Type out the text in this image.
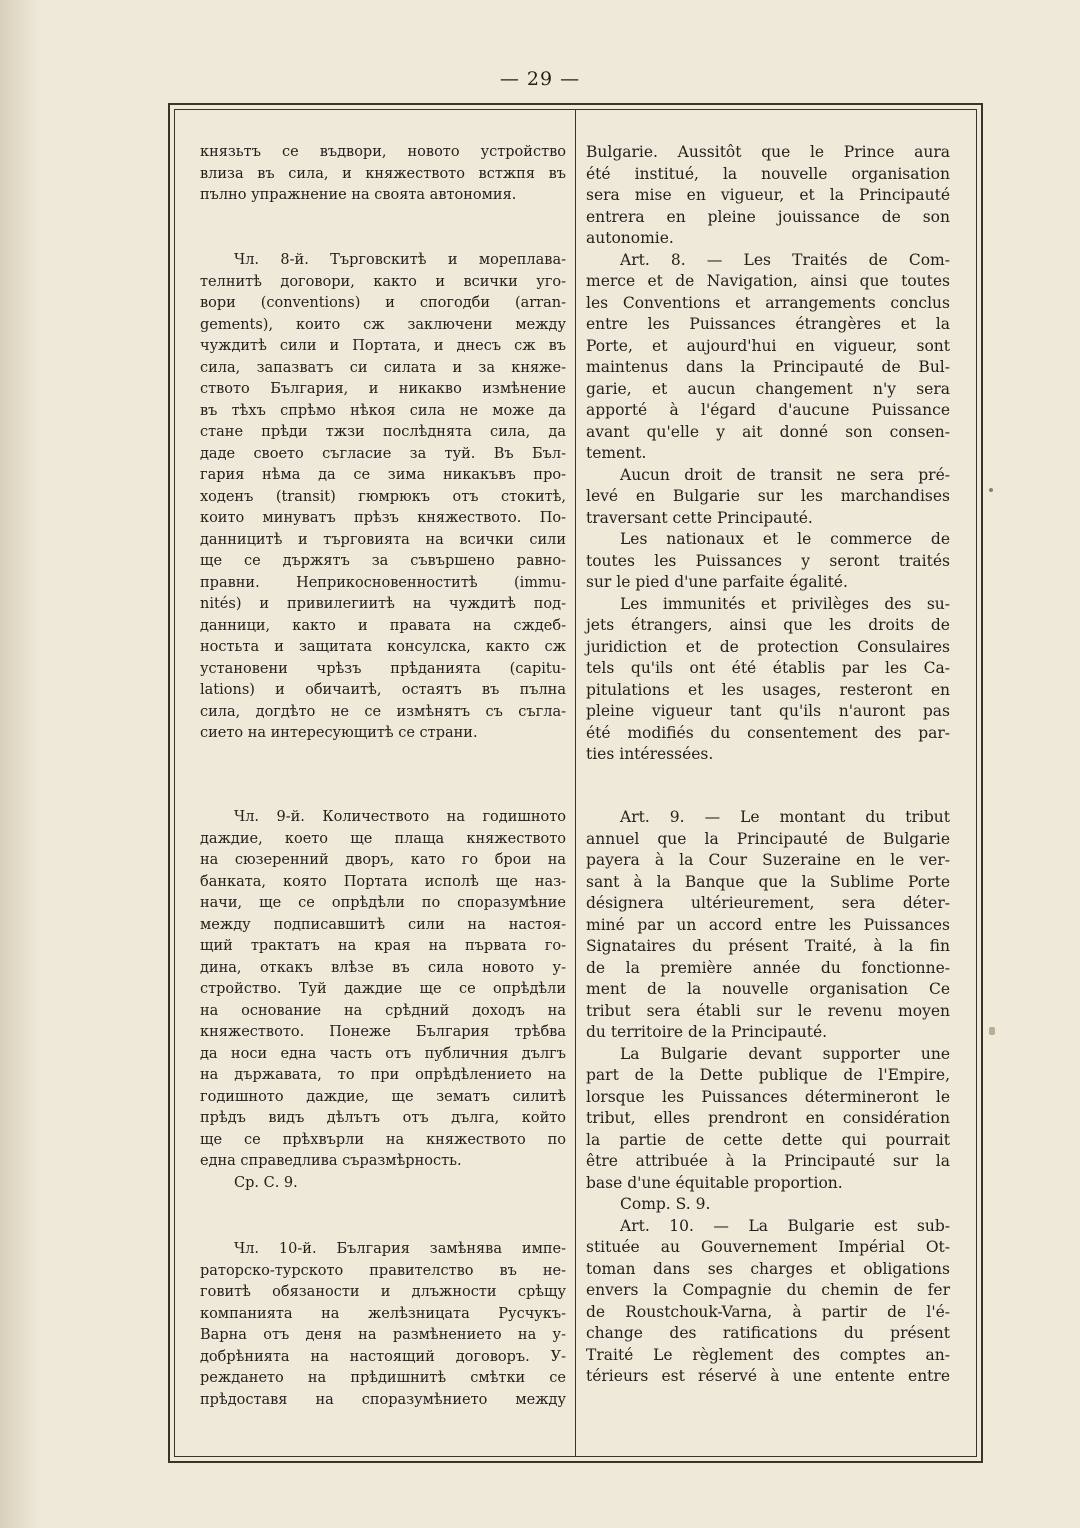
— 29 —
князьтъ се въдвори, новото устройство
влиза въ сила, и княжеството встжпя въ
пълно упражнение на своята автономия.
Чл. 8-й. Търговскитѣ и мореплава-
телнитѣ договори, както и всички уго-
вори (conventions) и спогодби (arran-
gements), които сж заключени между
чуждитѣ сили и Портата, и днесъ сж въ
сила, запазватъ си силата и за княже-
ството България, и никакво измѣнение
въ тѣхъ спрѣмо нѣкоя сила не може да
стане прѣди тжзи послѣднята сила, да
даде своето съгласие за туй. Въ Бъл-
гария нѣма да се зима никакъвъ про-
ходенъ (transit) гюмрюкъ отъ стокитѣ,
които минуватъ прѣзъ княжеството. По-
данницитѣ и търговията на всички сили
ще се държятъ за съвършено равно-
правни. Неприкосновенноститѣ (immu-
nités) и привилегиитѣ на чуждитѣ под-
данници, както и правата на сждеб-
ностьта и защитата консулска, както сж
установени чрѣзъ прѣданията (capitu-
lations) и обичаитѣ, остаятъ въ пълна
сила, догдѣто не се измѣнятъ съ съгла-
сието на интересующитѣ се страни.
Чл. 9-й. Количеството на годишното
даждие, което ще плаща княжеството
на сюзеренний дворъ, като го брои на
банката, която Портата исполѣ ще наз-
начи, ще се опрѣдѣли по споразумѣние
между подписавшитѣ сили на настоя-
щий трактатъ на края на първата го-
дина, откакъ влѣзе въ сила новото у-
стройство. Туй даждие ще се опрѣдѣли
на основание на срѣдний доходъ на
княжеството. Понеже България трѣбва
да носи една часть отъ публичния дългъ
на държавата, то при опрѣдѣлението на
годишното даждие, ще зематъ силитѣ
прѣдъ видъ дѣлътъ отъ дълга, който
ще се прѣхвърли на княжеството по
една справедлива съразмѣрность.
Ср. С. 9.
Чл. 10-й. България замѣнява импе-
раторско-турското правителство въ не-
говитѣ обязаности и длъжности срѣщу
компанията на желѣзницата Русчукъ-
Варна отъ деня на размѣнението на у-
добрѣнията на настоящий договоръ. У-
реждането на прѣдишнитѣ смѣтки се
прѣдоставя на споразумѣнието между
Bulgarie. Aussitôt que le Prince aura
été institué, la nouvelle organisation
sera mise en vigueur, et la Principauté
entrera en pleine jouissance de son
autonomie.
Art. 8. — Les Traités de Com-
merce et de Navigation, ainsi que toutes
les Conventions et arrangements conclus
entre les Puissances étrangères et la
Porte, et aujourd'hui en vigueur, sont
maintenus dans la Principauté de Bul-
garie, et aucun changement n'y sera
apporté à l'égard d'aucune Puissance
avant qu'elle y ait donné son consen-
tement.
Aucun droit de transit ne sera pré-
levé en Bulgarie sur les marchandises
traversant cette Principauté.
Les nationaux et le commerce de
toutes les Puissances y seront traités
sur le pied d'une parfaite égalité.
Les immunités et privilèges des su-
jets étrangers, ainsi que les droits de
juridiction et de protection Consulaires
tels qu'ils ont été établis par les Ca-
pitulations et les usages, resteront en
pleine vigueur tant qu'ils n'auront pas
été modifiés du consentement des par-
ties intéressées.
Art. 9. — Le montant du tribut
annuel que la Principauté de Bulgarie
payera à la Cour Suzeraine en le ver-
sant à la Banque que la Sublime Porte
désignera ultérieurement, sera déter-
miné par un accord entre les Puissances
Signataires du présent Traité, à la fin
de la première année du fonctionne-
ment de la nouvelle organisation Ce
tribut sera établi sur le revenu moyen
du territoire de la Principauté.
La Bulgarie devant supporter une
part de la Dette publique de l'Empire,
lorsque les Puissances détermineront le
tribut, elles prendront en considération
la partie de cette dette qui pourrait
être attribuée à la Principauté sur la
base d'une équitable proportion.
Comp. S. 9.
Art. 10. — La Bulgarie est sub-
stituée au Gouvernement Impérial Ot-
toman dans ses charges et obligations
envers la Compagnie du chemin de fer
de Roustchouk-Varna, à partir de l'é-
change des ratifications du présent
Traité Le règlement des comptes an-
térieurs est réservé à une entente entre
